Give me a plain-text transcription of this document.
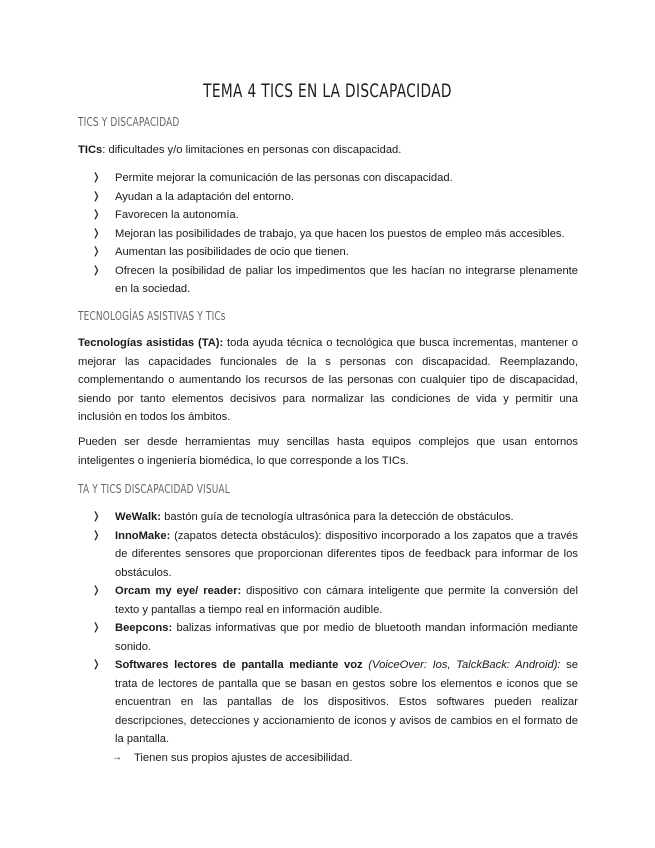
TEMA 4 TICS EN LA DISCAPACIDAD
TICS Y DISCAPACIDAD
TICs: dificultades y/o limitaciones en personas con discapacidad.
❭ Permite mejorar la comunicación de las personas con discapacidad.
❭ Ayudan a la adaptación del entorno.
❭ Favorecen la autonomía.
❭ Mejoran las posibilidades de trabajo, ya que hacen los puestos de empleo más accesibles.
❭ Aumentan las posibilidades de ocio que tienen.
❭ Ofrecen la posibilidad de paliar los impedimentos que les hacían no integrarse plenamente en la sociedad.
TECNOLOGÍAS ASISTIVAS Y TICs
Tecnologías asistidas (TA): toda ayuda técnica o tecnológica que busca incrementas, mantener o mejorar las capacidades funcionales de la s personas con discapacidad. Reemplazando, complementando o aumentando los recursos de las personas con cualquier tipo de discapacidad, siendo por tanto elementos decisivos para normalizar las condiciones de vida y permitir una inclusión en todos los ámbitos.
Pueden ser desde herramientas muy sencillas hasta equipos complejos que usan entornos inteligentes o ingeniería biomédica, lo que corresponde a los TICs.
TA Y TICS DISCAPACIDAD VISUAL
❭ WeWalk: bastón guía de tecnología ultrasónica para la detección de obstáculos.
❭ InnoMake: (zapatos detecta obstáculos): dispositivo incorporado a los zapatos que a través de diferentes sensores que proporcionan diferentes tipos de feedback para informar de los obstáculos.
❭ Orcam my eye/ reader: dispositivo con cámara inteligente que permite la conversión del texto y pantallas a tiempo real en información audible.
❭ Beepcons: balizas informativas que por medio de bluetooth mandan información mediante sonido.
❭ Softwares lectores de pantalla mediante voz (VoiceOver: Ios, TalckBack: Android): se trata de lectores de pantalla que se basan en gestos sobre los elementos e iconos que se encuentran en las pantallas de los dispositivos. Estos softwares pueden realizar descripciones, detecciones y accionamiento de iconos y avisos de cambios en el formato de la pantalla.
→ Tienen sus propios ajustes de accesibilidad.
